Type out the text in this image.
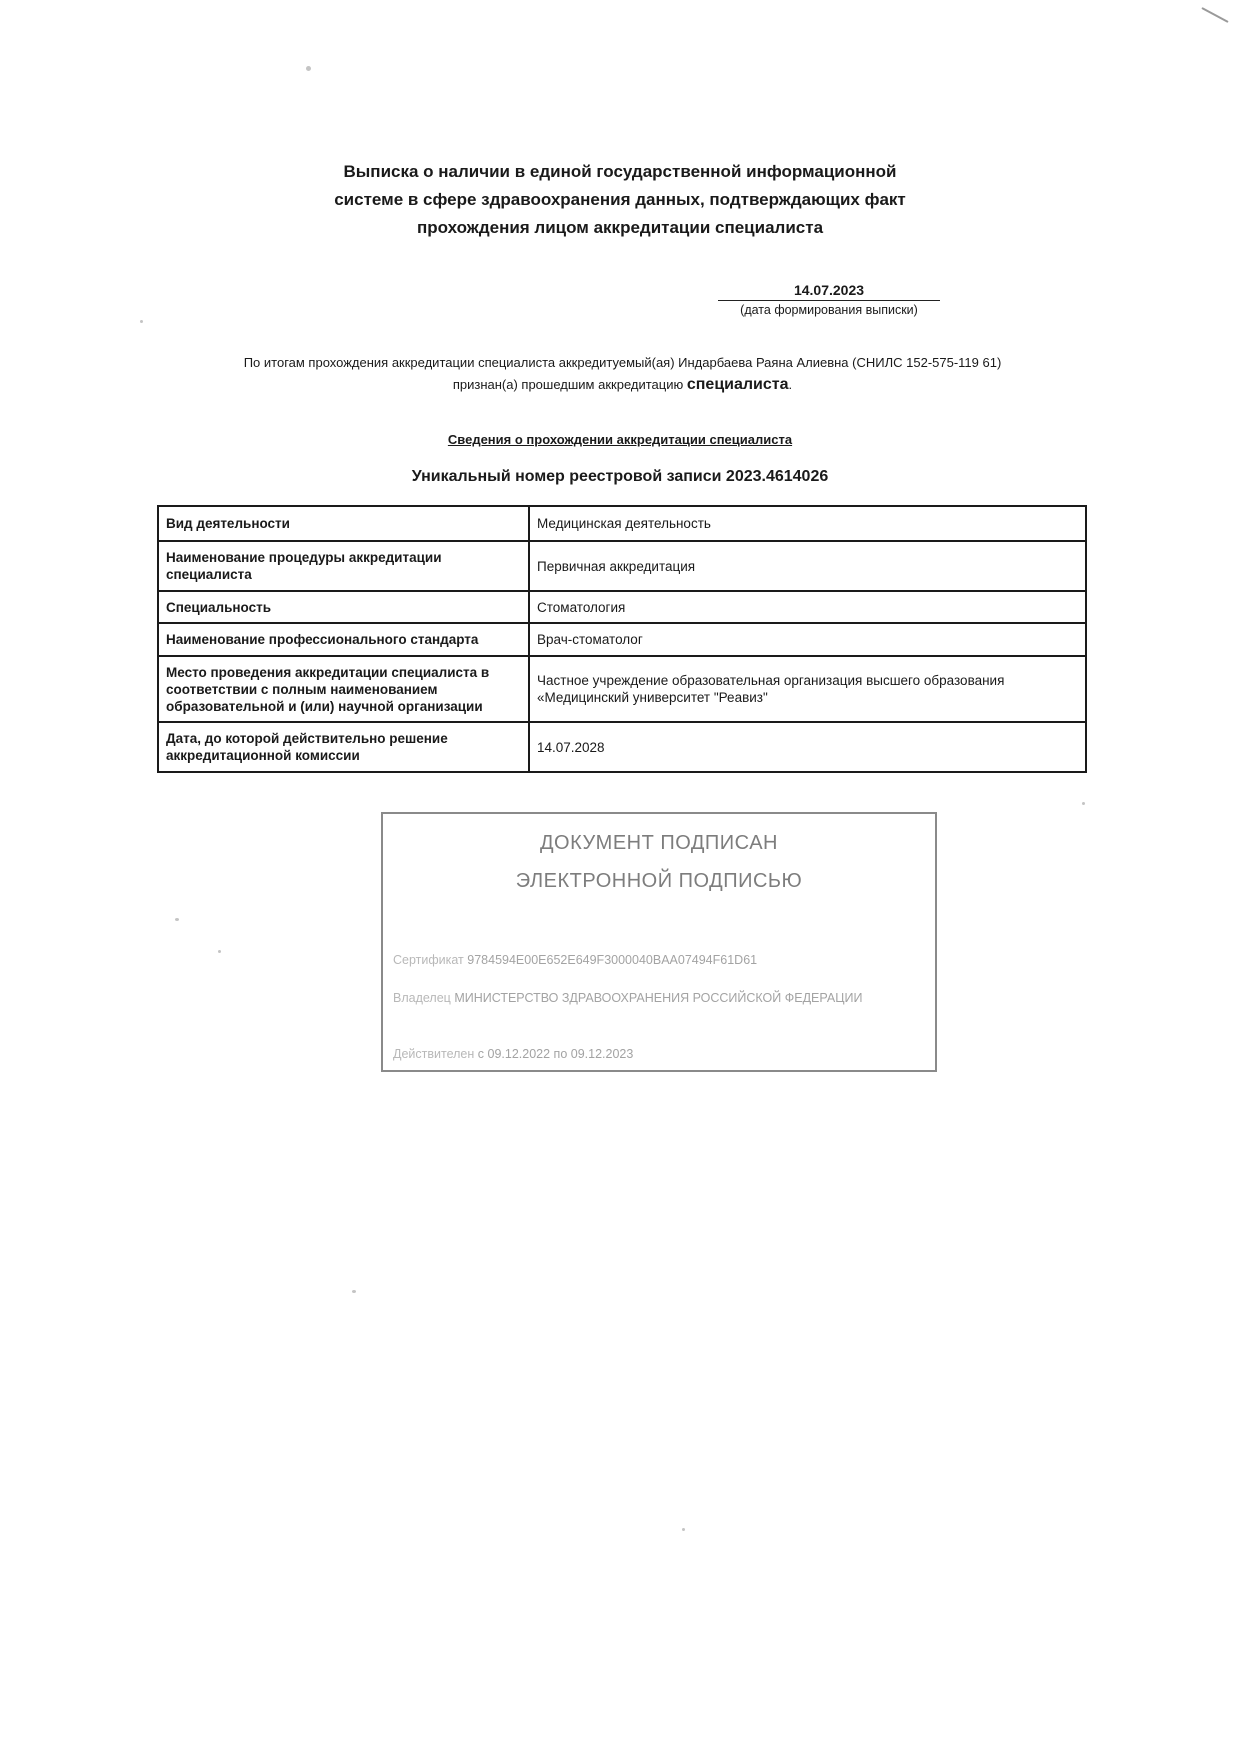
Выписка о наличии в единой государственной информационной
системе в сфере здравоохранения данных, подтверждающих факт
прохождения лицом аккредитации специалиста
14.07.2023
(дата формирования выписки)
По итогам прохождения аккредитации специалиста аккредитуемый(ая) Индарбаева Раяна Алиевна (СНИЛС 152-575-119 61)
признан(а) прошедшим аккредитацию специалиста.
Сведения о прохождении аккредитации специалиста
Уникальный номер реестровой записи 2023.4614026
Вид деятельности	Медицинская деятельность
Наименование процедуры аккредитации специалиста	Первичная аккредитация
Специальность	Стоматология
Наименование профессионального стандарта	Врач-стоматолог
Место проведения аккредитации специалиста в соответствии с полным наименованием образовательной и (или) научной организации	Частное учреждение образовательная организация высшего образования «Медицинский университет "Реавиз"
Дата, до которой действительно решение аккредитационной комиссии	14.07.2028
ДОКУМЕНТ ПОДПИСАН
ЭЛЕКТРОННОЙ ПОДПИСЬЮ
Сертификат 9784594E00E652E649F3000040BAA07494F61D61
Владелец МИНИСТЕРСТВО ЗДРАВООХРАНЕНИЯ РОССИЙСКОЙ ФЕДЕРАЦИИ
Действителен с 09.12.2022 по 09.12.2023
